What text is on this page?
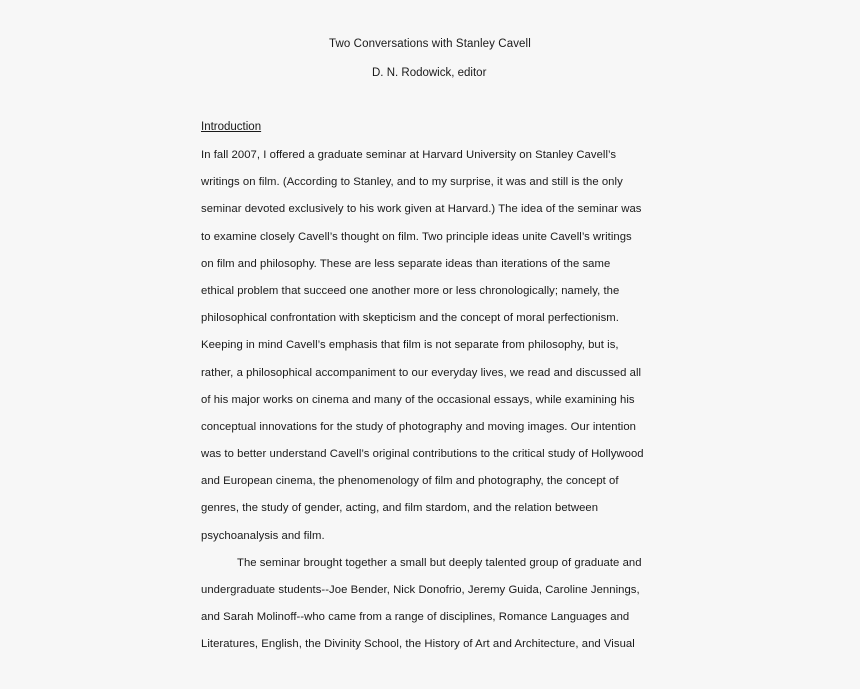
Two Conversations with Stanley Cavell
D. N. Rodowick, editor
Introduction
In fall 2007, I offered a graduate seminar at Harvard University on Stanley Cavell’s
writings on film. (According to Stanley, and to my surprise, it was and still is the only
seminar devoted exclusively to his work given at Harvard.) The idea of the seminar was
to examine closely Cavell’s thought on film. Two principle ideas unite Cavell’s writings
on film and philosophy. These are less separate ideas than iterations of the same
ethical problem that succeed one another more or less chronologically; namely, the
philosophical confrontation with skepticism and the concept of moral perfectionism.
Keeping in mind Cavell’s emphasis that film is not separate from philosophy, but is,
rather, a philosophical accompaniment to our everyday lives, we read and discussed all
of his major works on cinema and many of the occasional essays, while examining his
conceptual innovations for the study of photography and moving images. Our intention
was to better understand Cavell’s original contributions to the critical study of Hollywood
and European cinema, the phenomenology of film and photography, the concept of
genres, the study of gender, acting, and film stardom, and the relation between
psychoanalysis and film.
The seminar brought together a small but deeply talented group of graduate and
undergraduate students--Joe Bender, Nick Donofrio, Jeremy Guida, Caroline Jennings,
and Sarah Molinoff--who came from a range of disciplines, Romance Languages and
Literatures, English, the Divinity School, the History of Art and Architecture, and Visual
